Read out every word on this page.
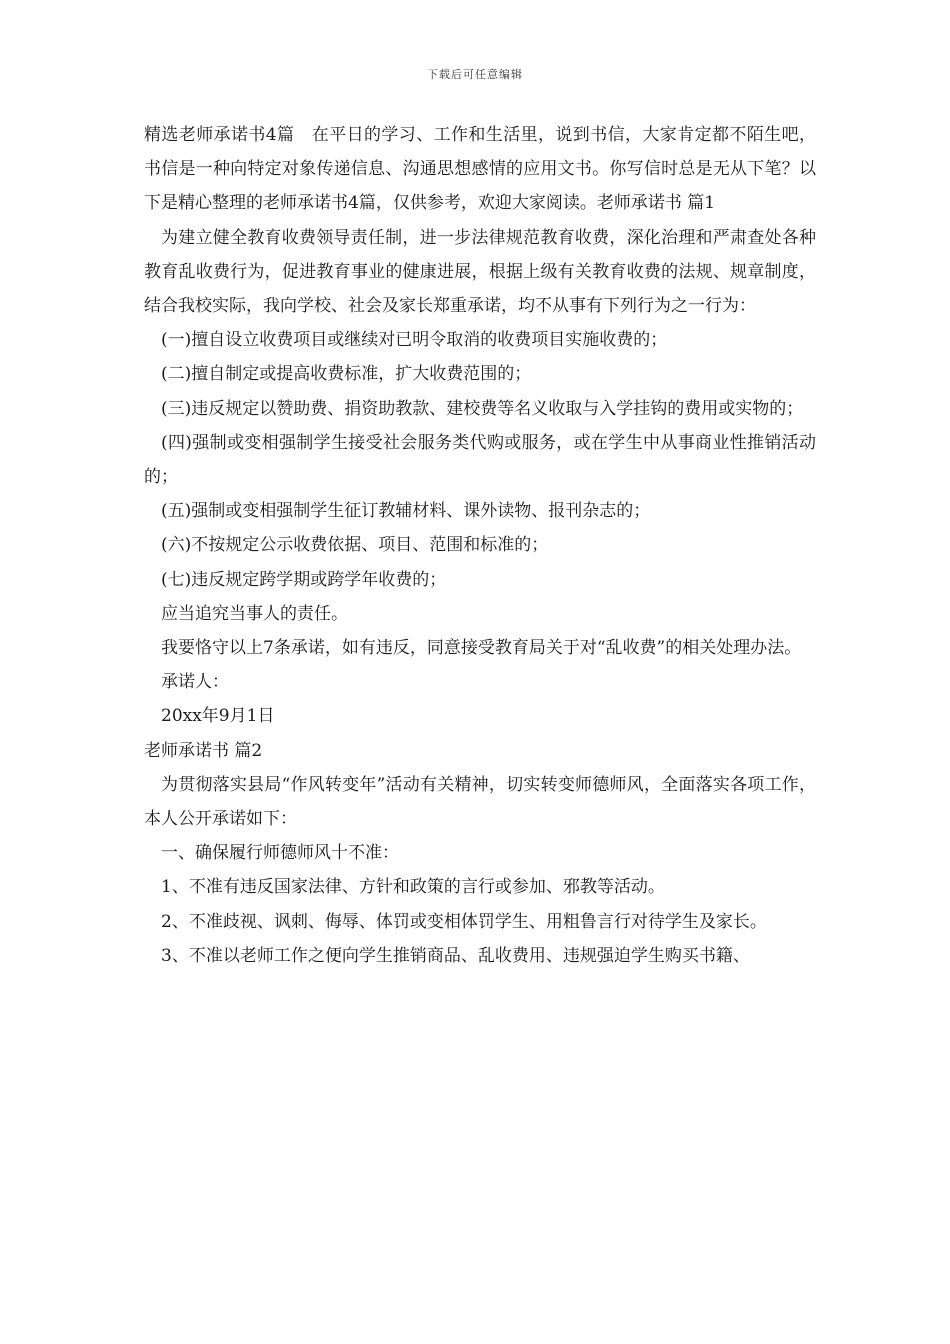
下载后可任意编辑

精选老师承诺书4篇　在平日的学习、工作和生活里，说到书信，大家肯定都不陌生吧，书信是一种向特定对象传递信息、沟通思想感情的应用文书。你写信时总是无从下笔？以下是精心整理的老师承诺书4篇，仅供参考，欢迎大家阅读。老师承诺书 篇1

为建立健全教育收费领导责任制，进一步法律规范教育收费，深化治理和严肃查处各种教育乱收费行为，促进教育事业的健康进展，根据上级有关教育收费的法规、规章制度，结合我校实际，我向学校、社会及家长郑重承诺，均不从事有下列行为之一行为：

(一)擅自设立收费项目或继续对已明令取消的收费项目实施收费的；

(二)擅自制定或提高收费标准，扩大收费范围的；

(三)违反规定以赞助费、捐资助教款、建校费等名义收取与入学挂钩的费用或实物的；

(四)强制或变相强制学生接受社会服务类代购或服务，或在学生中从事商业性推销活动的；

(五)强制或变相强制学生征订教辅材料、课外读物、报刊杂志的；

(六)不按规定公示收费依据、项目、范围和标准的；

(七)违反规定跨学期或跨学年收费的；

应当追究当事人的责任。

我要恪守以上7条承诺，如有违反，同意接受教育局关于对“乱收费”的相关处理办法。

承诺人：

20xx年9月1日

老师承诺书 篇2

为贯彻落实县局“作风转变年”活动有关精神，切实转变师德师风，全面落实各项工作，本人公开承诺如下：

一、确保履行师德师风十不准：

1、不准有违反国家法律、方针和政策的言行或参加、邪教等活动。

2、不准歧视、讽刺、侮辱、体罚或变相体罚学生、用粗鲁言行对待学生及家长。

3、不准以老师工作之便向学生推销商品、乱收费用、违规强迫学生购买书籍、
